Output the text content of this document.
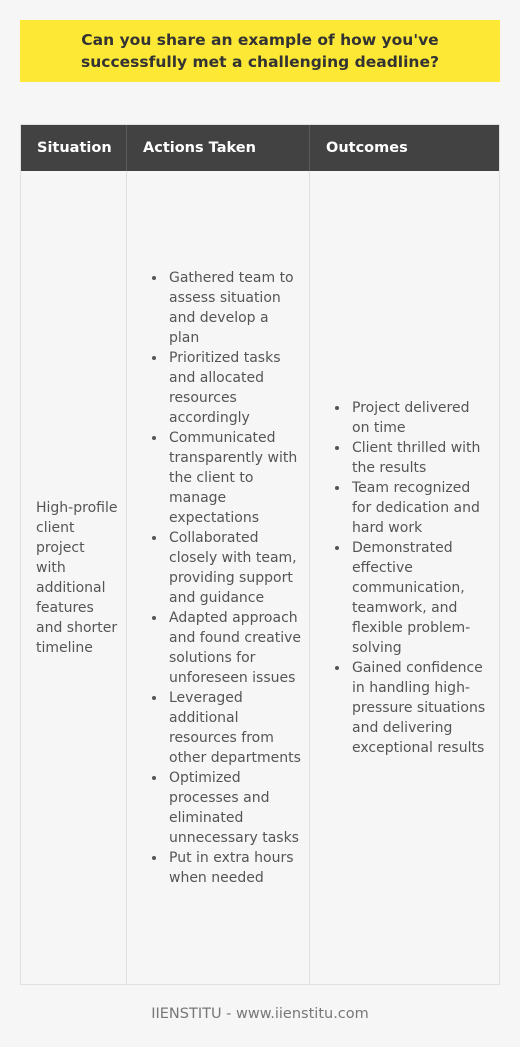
Can you share an example of how you've successfully met a challenging deadline?
Situation	Actions Taken	Outcomes
High-profile client project with additional features and shorter timeline
• Gathered team to assess situation and develop a plan
• Prioritized tasks and allocated resources accordingly
• Communicated transparently with the client to manage expectations
• Collaborated closely with team, providing support and guidance
• Adapted approach and found creative solutions for unforeseen issues
• Leveraged additional resources from other departments
• Optimized processes and eliminated unnecessary tasks
• Put in extra hours when needed
• Project delivered on time
• Client thrilled with the results
• Team recognized for dedication and hard work
• Demonstrated effective communication, teamwork, and flexible problem-solving
• Gained confidence in handling high-pressure situations and delivering exceptional results
IIENSTITU - www.iienstitu.com
